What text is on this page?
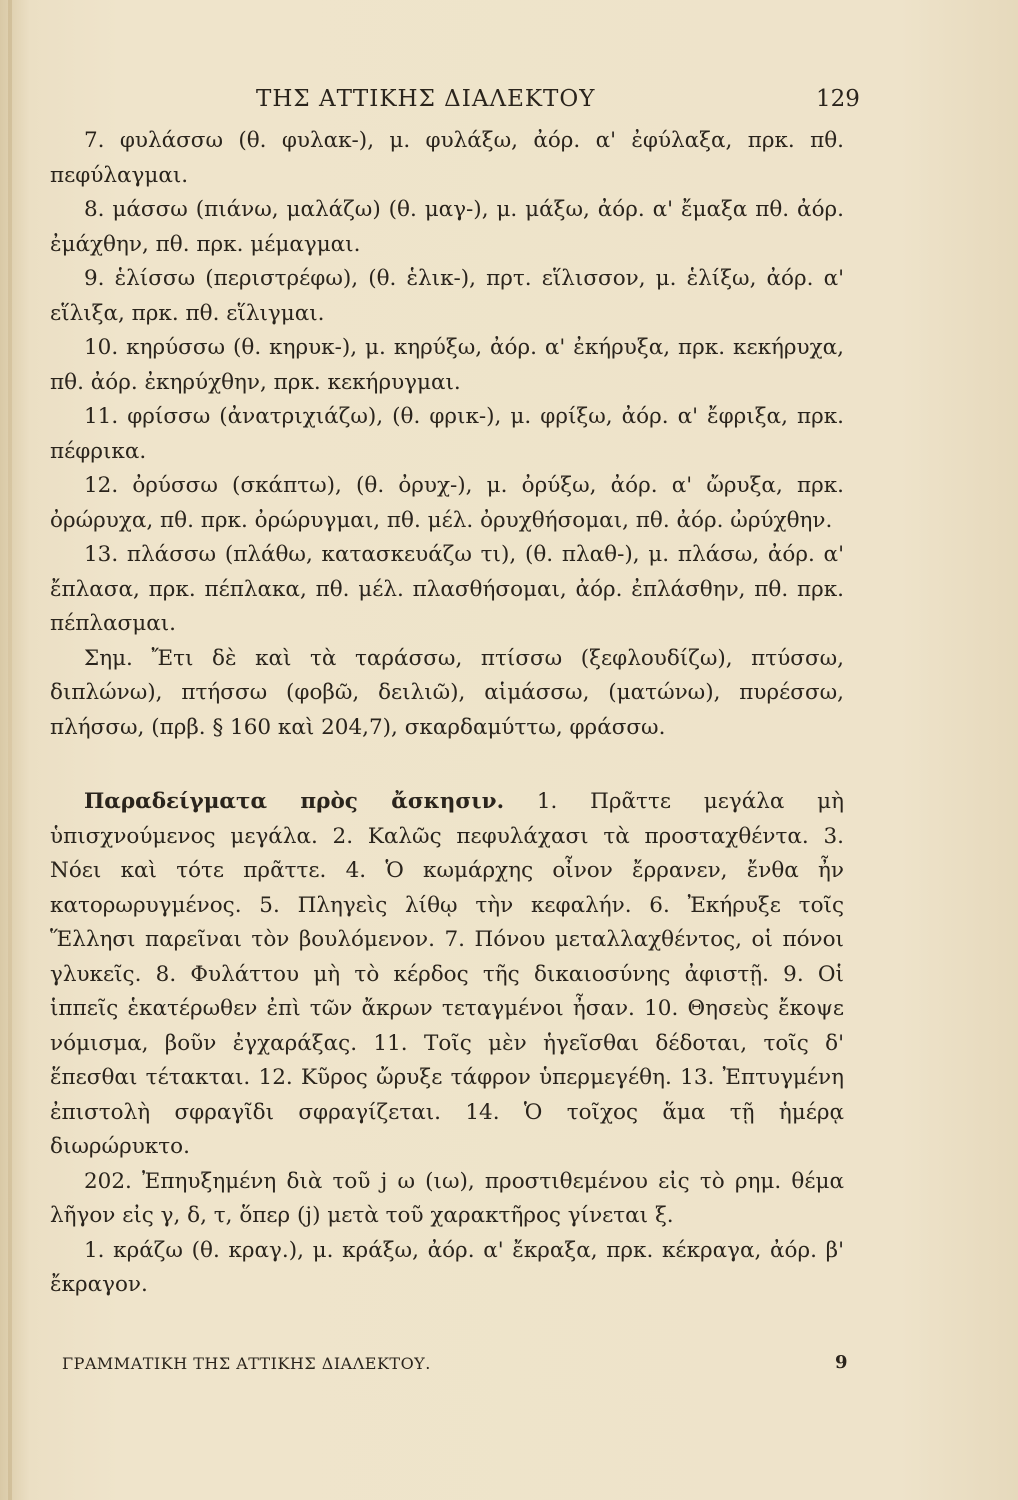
ΤΗΣ ΑΤΤΙΚΗΣ ΔΙΑΛΕΚΤΟΥ	129

7. φυλάσσω (θ. φυλακ-), μ. φυλάξω, ἀόρ. α' ἐφύλαξα, πρκ. πθ. πεφύλαγμαι.

8. μάσσω (πιάνω, μαλάζω) (θ. μαγ-), μ. μάξω, ἀόρ. α' ἔμαξα πθ. ἀόρ. ἐμάχθην, πθ. πρκ. μέμαγμαι.

9. ἑλίσσω (περιστρέφω), (θ. ἑλικ-), πρτ. εἵλισσον, μ. ἑλίξω, ἀόρ. α' εἵλιξα, πρκ. πθ. εἵλιγμαι.

10. κηρύσσω (θ. κηρυκ-), μ. κηρύξω, ἀόρ. α' ἐκήρυξα, πρκ. κεκήρυχα, πθ. ἀόρ. ἐκηρύχθην, πρκ. κεκήρυγμαι.

11. φρίσσω (ἀνατριχιάζω), (θ. φρικ-), μ. φρίξω, ἀόρ. α' ἔφριξα, πρκ. πέφρικα.

12. ὀρύσσω (σκάπτω), (θ. ὀρυχ-), μ. ὀρύξω, ἀόρ. α' ὤρυξα, πρκ. ὀρώρυχα, πθ. πρκ. ὀρώρυγμαι, πθ. μέλ. ὀρυχθήσομαι, πθ. ἀόρ. ὠρύχθην.

13. πλάσσω (πλάθω, κατασκευάζω τι), (θ. πλαθ-), μ. πλάσω, ἀόρ. α' ἔπλασα, πρκ. πέπλακα, πθ. μέλ. πλασθήσομαι, ἀόρ. ἐπλάσθην, πθ. πρκ. πέπλασμαι.

Σημ. Ἔτι δὲ καὶ τὰ ταράσσω, πτίσσω (ξεφλουδίζω), πτύσσω, διπλώνω), πτήσσω (φοβῶ, δειλιῶ), αἱμάσσω, (ματώνω), πυρέσσω, πλήσσω, (πρβ. § 160 καὶ 204,7), σκαρδαμύττω, φράσσω.

Παραδείγματα πρὸς ἄσκησιν. 1. Πρᾶττε μεγάλα μὴ ὑπισχνούμενος μεγάλα. 2. Καλῶς πεφυλάχασι τὰ προσταχθέντα. 3. Νόει καὶ τότε πρᾶττε. 4. Ὁ κωμάρχης οἶνον ἔρρανεν, ἔνθα ἦν κατορωρυγμένος. 5. Πληγεὶς λίθῳ τὴν κεφαλήν. 6. Ἐκήρυξε τοῖς Ἕλλησι παρεῖναι τὸν βουλόμενον. 7. Πόνου μεταλλαχθέντος, οἱ πόνοι γλυκεῖς. 8. Φυλάττου μὴ τὸ κέρδος τῆς δικαιοσύνης ἀφιστῇ. 9. Οἱ ἱππεῖς ἑκατέρωθεν ἐπὶ τῶν ἄκρων τεταγμένοι ἦσαν. 10. Θησεὺς ἔκοψε νόμισμα, βοῦν ἐγχαράξας. 11. Τοῖς μὲν ἡγεῖσθαι δέδοται, τοῖς δ' ἕπεσθαι τέτακται. 12. Κῦρος ὤρυξε τάφρον ὑπερμεγέθη. 13. Ἐπτυγμένη ἐπιστολὴ σφραγῖδι σφραγίζεται. 14. Ὁ τοῖχος ἅμα τῇ ἡμέρᾳ διωρώρυκτο.

202. Ἐπηυξημένη διὰ τοῦ j ω (ιω), προστιθεμένου εἰς τὸ ρημ. θέμα λῆγον εἰς γ, δ, τ, ὅπερ (j) μετὰ τοῦ χαρακτῆρος γίνεται ξ.

1. κράζω (θ. κραγ.), μ. κράξω, ἀόρ. α' ἔκραξα, πρκ. κέκραγα, ἀόρ. β' ἔκραγον.

ΓΡΑΜΜΑΤΙΚΗ ΤΗΣ ΑΤΤΙΚΗΣ ΔΙΑΛΕΚΤΟΥ.	9
